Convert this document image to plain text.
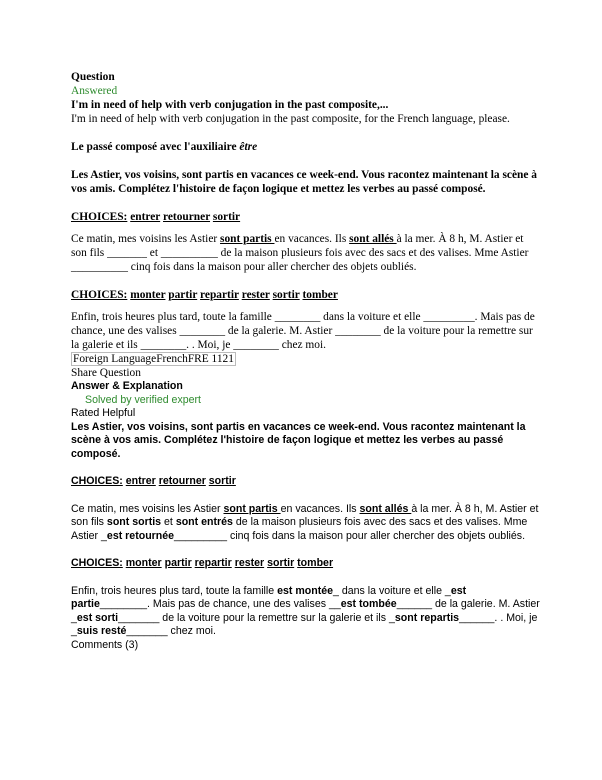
Question

Answered

I'm in need of help with verb conjugation in the past composite,...

I'm in need of help with verb conjugation in the past composite, for the French language, please.

Le passé composé avec l'auxiliaire être

Les Astier, vos voisins, sont partis en vacances ce week-end. Vous racontez maintenant la scène à vos amis. Complétez l'histoire de façon logique et mettez les verbes au passé composé.

CHOICES: entrer retourner sortir

Ce matin, mes voisins les Astier sont partis en vacances. Ils sont allés à la mer. À 8 h, M. Astier et son fils _______ et __________ de la maison plusieurs fois avec des sacs et des valises. Mme Astier __________ cinq fois dans la maison pour aller chercher des objets oubliés.

CHOICES: monter partir repartir rester sortir tomber

Enfin, trois heures plus tard, toute la famille ________ dans la voiture et elle _________. Mais pas de chance, une des valises ________ de la galerie. M. Astier ________ de la voiture pour la remettre sur la galerie et ils ________. . Moi, je ________ chez moi.

Foreign LanguageFrenchFRE 1121

Share Question

Answer & Explanation

Solved by verified expert

Rated Helpful

Les Astier, vos voisins, sont partis en vacances ce week-end. Vous racontez maintenant la scène à vos amis. Complétez l'histoire de façon logique et mettez les verbes au passé composé.

CHOICES: entrer retourner sortir

Ce matin, mes voisins les Astier sont partis en vacances. Ils sont allés à la mer. À 8 h, M. Astier et son fils sont sortis et sont entrés de la maison plusieurs fois avec des sacs et des valises. Mme Astier _est retournée_________ cinq fois dans la maison pour aller chercher des objets oubliés.

CHOICES: monter partir repartir rester sortir tomber

Enfin, trois heures plus tard, toute la famille est montée_ dans la voiture et elle _est partie________. Mais pas de chance, une des valises __est tombée______ de la galerie. M. Astier _est sorti_______ de la voiture pour la remettre sur la galerie et ils _sont repartis______. . Moi, je _suis resté_______ chez moi.

Comments (3)
